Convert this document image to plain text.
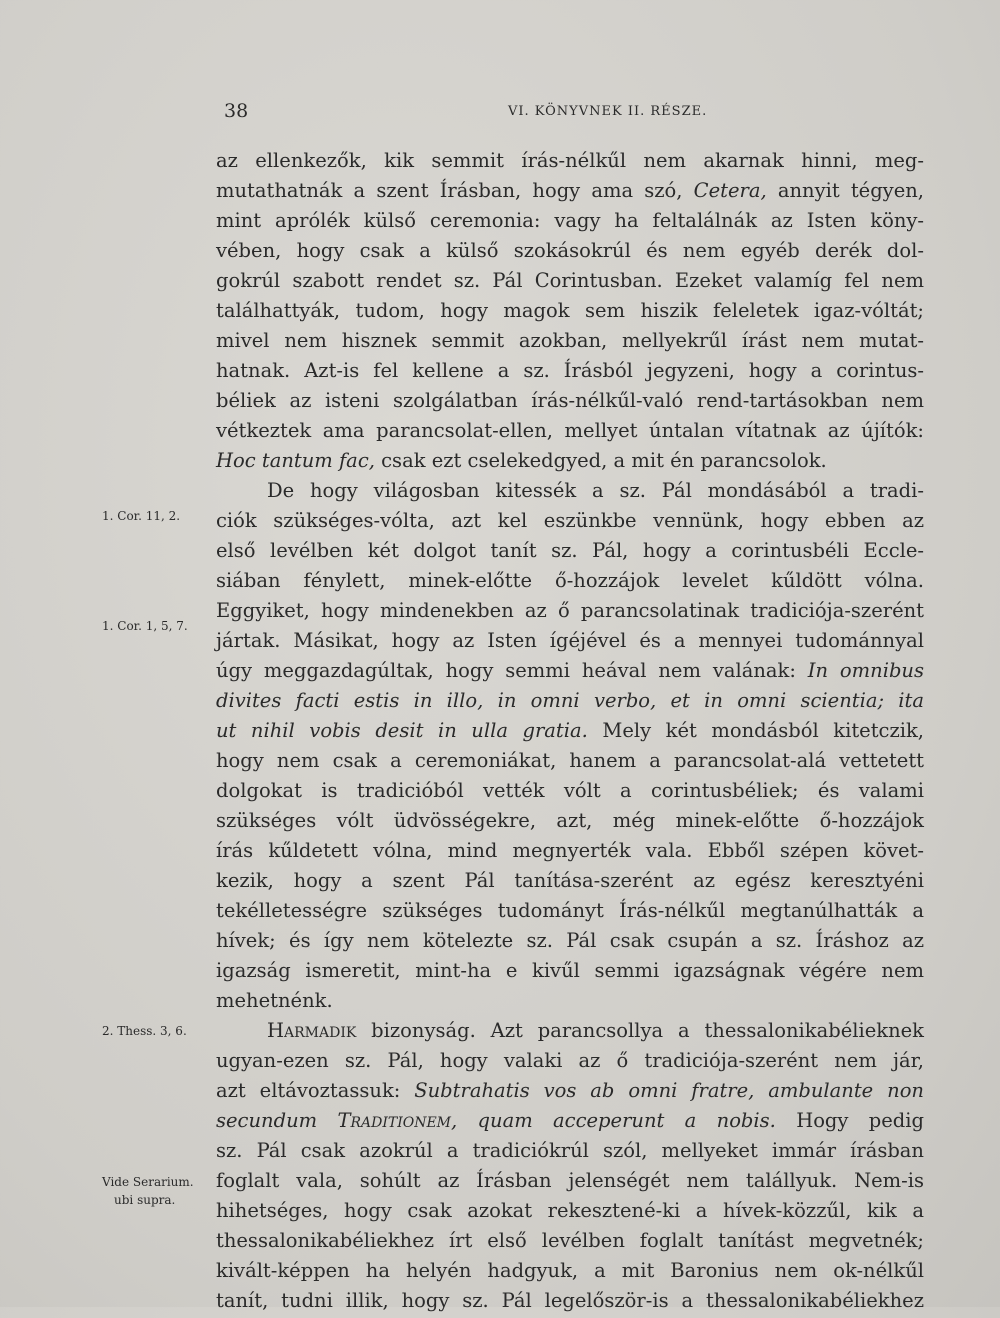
38	VI. KÖNYVNEK II. RÉSZE.
1. Cor. 11, 2.
1. Cor. 1, 5, 7.
2. Thess. 3, 6.
Vide Serarium.
ubi supra.
az ellenkezők, kik semmit írás-nélkűl nem akarnak hinni, meg-
mutathatnák a szent Írásban, hogy ama szó, Cetera, annyit tégyen,
mint aprólék külső ceremonia: vagy ha feltalálnák az Isten köny-
vében, hogy csak a külső szokásokrúl és nem egyéb derék dol-
gokrúl szabott rendet sz. Pál Corintusban. Ezeket valamíg fel nem
találhattyák, tudom, hogy magok sem hiszik feleletek igaz-vóltát;
mivel nem hisznek semmit azokban, mellyekrűl írást nem mutat-
hatnak. Azt-is fel kellene a sz. Írásból jegyzeni, hogy a corintus-
béliek az isteni szolgálatban írás-nélkűl-való rend-tartásokban nem
vétkeztek ama parancsolat-ellen, mellyet úntalan vítatnak az újítók:
Hoc tantum fac, csak ezt cselekedgyed, a mit én parancsolok.
De hogy világosban kitessék a sz. Pál mondásából a tradi-
ciók szükséges-vólta, azt kel eszünkbe vennünk, hogy ebben az
első levélben két dolgot tanít sz. Pál, hogy a corintusbéli Eccle-
siában fénylett, minek-előtte ő-hozzájok levelet kűldött vólna.
Eggyiket, hogy mindenekben az ő parancsolatinak tradiciója-szerént
jártak. Másikat, hogy az Isten ígéjével és a mennyei tudománnyal
úgy meggazdagúltak, hogy semmi heával nem valának: In omnibus
divites facti estis in illo, in omni verbo, et in omni scientia; ita
ut nihil vobis desit in ulla gratia. Mely két mondásból kitetczik,
hogy nem csak a ceremoniákat, hanem a parancsolat-alá vettetett
dolgokat is tradicióból vették vólt a corintusbéliek; és valami
szükséges vólt üdvösségekre, azt, még minek-előtte ő-hozzájok
írás kűldetett vólna, mind megnyerték vala. Ebből szépen követ-
kezik, hogy a szent Pál tanítása-szerént az egész keresztyéni
tekélletességre szükséges tudományt Írás-nélkűl megtanúlhatták a
hívek; és így nem kötelezte sz. Pál csak csupán a sz. Íráshoz az
igazság ismeretit, mint-ha e kivűl semmi igazságnak végére nem
mehetnénk.
Harmadik bizonyság. Azt parancsollya a thessalonikabélieknek
ugyan-ezen sz. Pál, hogy valaki az ő tradiciója-szerént nem jár,
azt eltávoztassuk: Subtrahatis vos ab omni fratre, ambulante non
secundum Traditionem, quam acceperunt a nobis. Hogy pedig
sz. Pál csak azokrúl a tradiciókrúl szól, mellyeket immár írásban
foglalt vala, sohúlt az Írásban jelenségét nem talállyuk. Nem-is
hihetséges, hogy csak azokat rekesztené-ki a hívek-közzűl, kik a
thessalonikabéliekhez írt első levélben foglalt tanítást megvetnék;
kivált-képpen ha helyén hadgyuk, a mit Baronius nem ok-nélkűl
tanít, tudni illik, hogy sz. Pál legelőször-is a thessalonikabéliekhez
